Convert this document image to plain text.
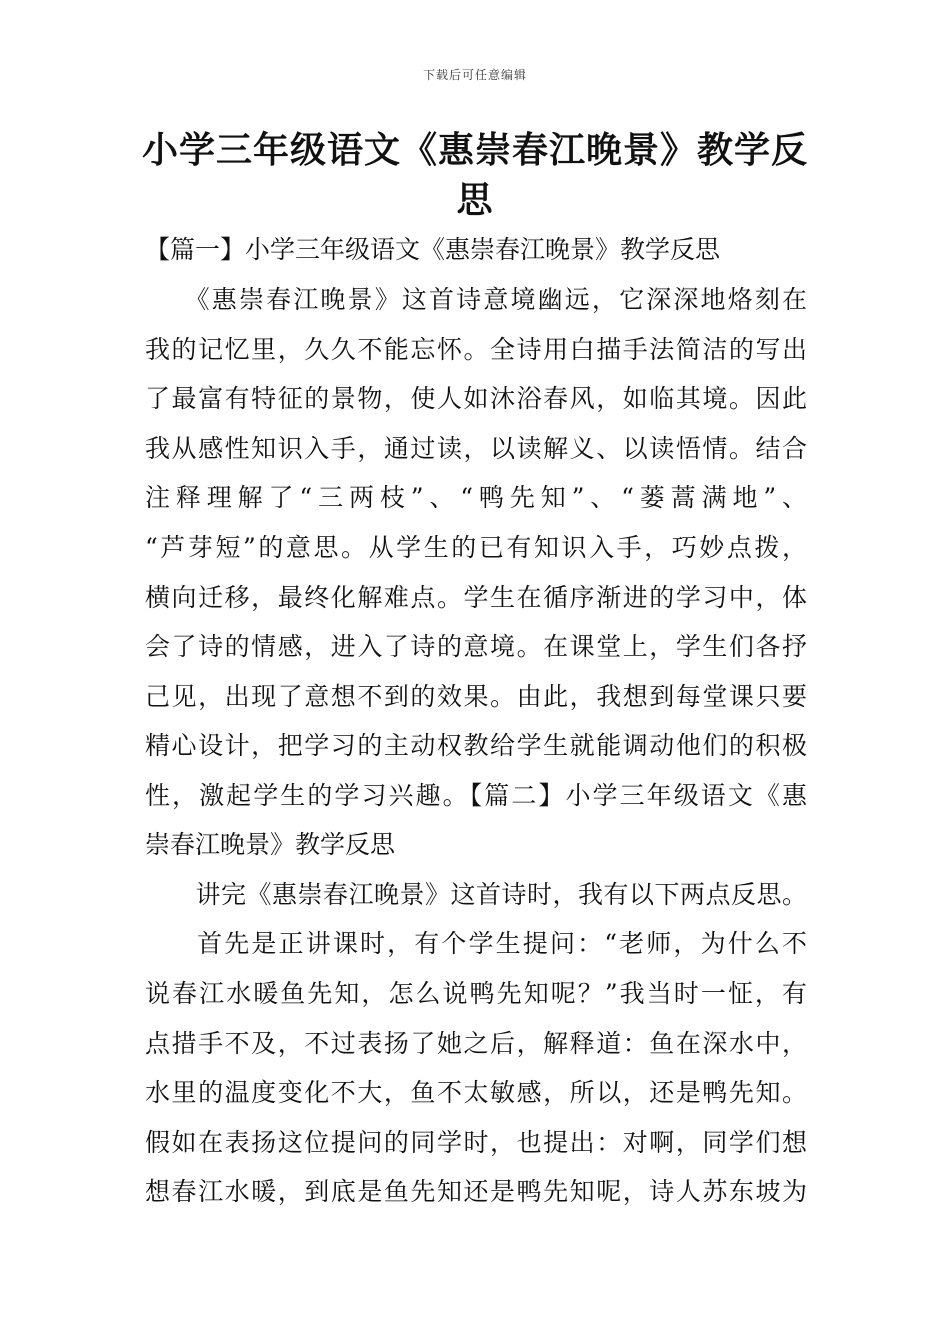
下载后可任意编辑
小学三年级语文《惠崇春江晚景》教学反
思
【篇一】小学三年级语文《惠崇春江晚景》教学反思
　《惠崇春江晚景》这首诗意境幽远，它深深地烙刻在
我的记忆里，久久不能忘怀。全诗用白描手法简洁的写出
了最富有特征的景物，使人如沐浴春风，如临其境。因此
我从感性知识入手，通过读，以读解义、以读悟情。结合
注释理解了“三两枝”、“鸭先知”、“蒌蒿满地”、
“芦芽短”的意思。从学生的已有知识入手，巧妙点拨，
横向迁移，最终化解难点。学生在循序渐进的学习中，体
会了诗的情感，进入了诗的意境。在课堂上，学生们各抒
己见，出现了意想不到的效果。由此，我想到每堂课只要
精心设计，把学习的主动权教给学生就能调动他们的积极
性，激起学生的学习兴趣。【篇二】小学三年级语文《惠
崇春江晚景》教学反思
　讲完《惠崇春江晚景》这首诗时，我有以下两点反思。
　首先是正讲课时，有个学生提问：“老师，为什么不
说春江水暖鱼先知，怎么说鸭先知呢？”我当时一怔，有
点措手不及，不过表扬了她之后，解释道：鱼在深水中，
水里的温度变化不大，鱼不太敏感，所以，还是鸭先知。
假如在表扬这位提问的同学时，也提出：对啊，同学们想
想春江水暖，到底是鱼先知还是鸭先知呢，诗人苏东坡为
